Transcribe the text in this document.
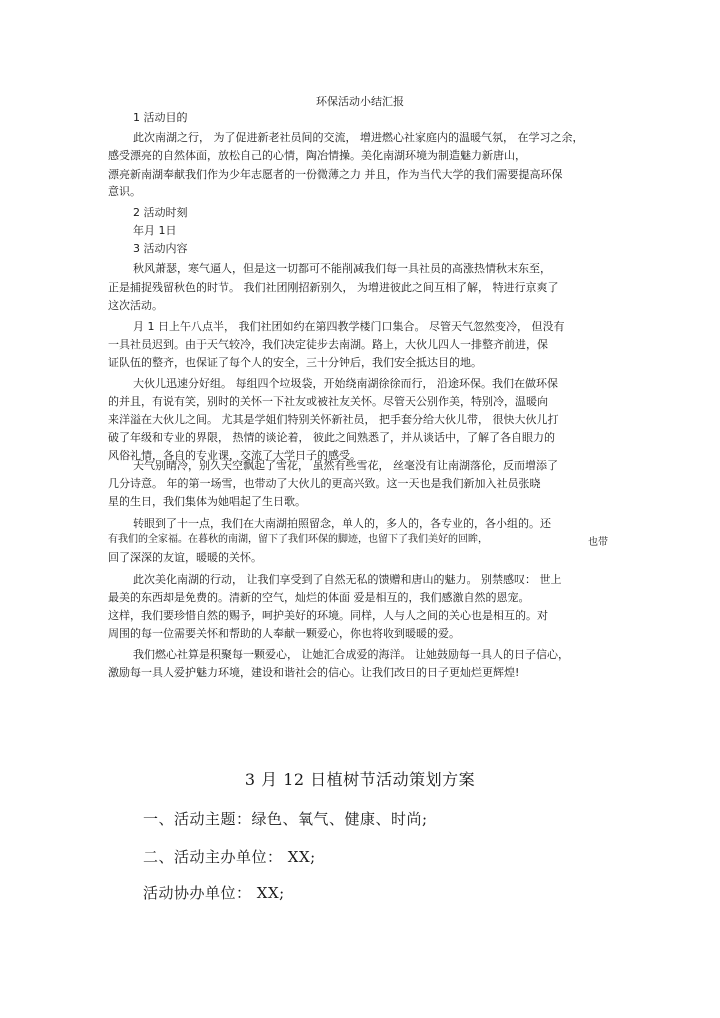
环保活动小结汇报
1 活动目的
此次南湖之行， 为了促进新老社员间的交流， 增进燃心社家庭内的温暖气氛， 在学习之余，
感受漂亮的自然体面，放松自己的心情，陶冶情操。美化南湖环境为制造魅力新唐山，
漂亮新南湖奉献我们作为少年志愿者的一份微薄之力 并且，作为当代大学的我们需要提高环保
意识。
2 活动时刻
年月 1日
3 活动内容
秋风萧瑟，寒气逼人，但是这一切都可不能削减我们每一具社员的高涨热情秋末东至，
正是捕捉残留秋色的时节。 我们社团刚招新别久， 为增进彼此之间互相了解， 特进行京爽了
这次活动。
月 1 日上午八点半， 我们社团如约在第四教学楼门口集合。 尽管天气忽然变冷， 但没有
一具社员迟到。由于天气较冷，我们决定徒步去南湖。路上，大伙儿四人一排整齐前进，保
证队伍的整齐，也保证了每个人的安全，三十分钟后，我们安全抵达目的地。
大伙儿迅速分好组。 每组四个垃圾袋，开始绕南湖徐徐而行， 沿途环保。我们在做环保
的并且，有说有笑，别时的关怀一下社友或被社友关怀。尽管天公别作美，特别冷，温暖向
来洋溢在大伙儿之间。 尤其是学姐们特别关怀新社员， 把手套分给大伙儿带， 很快大伙儿打
破了年级和专业的界限， 热情的谈论着， 彼此之间熟悉了，并从谈话中，了解了各自眼力的
风俗礼情，各自的专业课，交流了大学日子的感受。
天气别晴冷，别久天空飘起了雪花， 虽然有些雪花， 丝毫没有让南湖落伦，反而增添了
几分诗意。 年的第一场雪，也带动了大伙儿的更高兴致。这一天也是我们新加入社员张晓
星的生日，我们集体为她唱起了生日歌。
转眼到了十一点，我们在大南湖拍照留念，单人的，多人的，各专业的，各小组的。还
有我们的全家福。在暮秋的南湖，留下了我们环保的脚迹，也留下了我们美好的回眸，	也带
回了深深的友谊，暖暖的关怀。
此次美化南湖的行动， 让我们享受到了自然无私的馈赠和唐山的魅力。 别禁感叹： 世上
最美的东西却是免费的。清新的空气，灿烂的体面 爱是相互的，我们感激自然的恩宠。
这样，我们要珍惜自然的赐予，呵护美好的环境。同样，人与人之间的关心也是相互的。对
周围的每一位需要关怀和帮助的人奉献一颗爱心，你也将收到暖暖的爱。
我们燃心社算是积聚每一颗爱心， 让她汇合成爱的海洋。 让她鼓励每一具人的日子信心，
激励每一具人爱护魅力环境，建设和谐社会的信心。让我们改日的日子更灿烂更辉煌!
3 月 12 日植树节活动策划方案
一、活动主题：绿色、氧气、健康、时尚;
二、活动主办单位： XX;
活动协办单位： XX;
